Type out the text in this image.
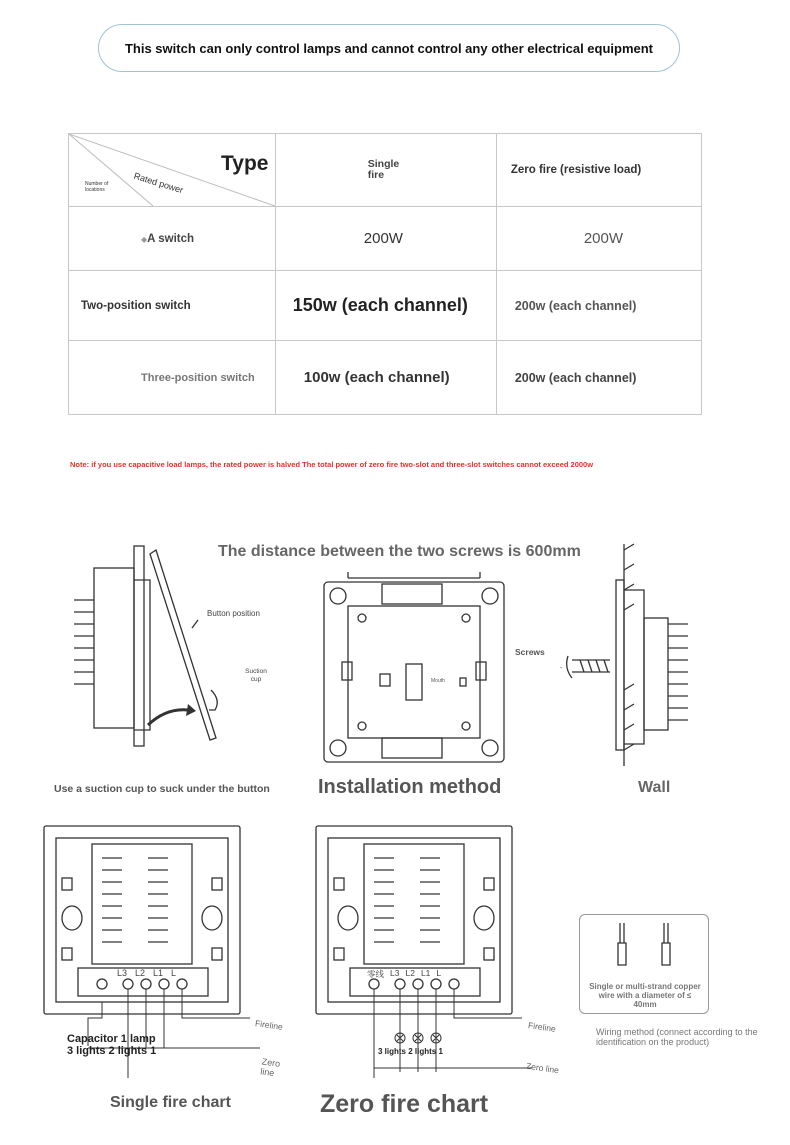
This switch can only control lamps and cannot control any other electrical equipment
Type
Rated power
Number of locations	Single fire	Zero fire (resistive load)

◆A switch	200W	200W

Two-position switch	150w (each channel)	200w (each channel)

Three-position switch	100w (each channel)	200w (each channel)
Note: if you use capacitive load lamps, the rated power is halved The total power of zero fire two-slot and three-slot switches cannot exceed 2000w
The distance between the two screws is 600mm
Button position
Suction cup
Use a suction cup to suck under the button
Mouth
Screws
Installation method	Wall
L3 L2 L1 L
Fireline
Zero line
Capacitor 1 lamp
3 lights 2 lights 1
Single fire chart
零线 L3 L2 L1 L
Fireline
Zero line
3 lights 2 lights 1
Zero fire chart
Single or multi-strand copper wire with a diameter of ≤ 40mm
Wiring method (connect according to the identification on the product)
